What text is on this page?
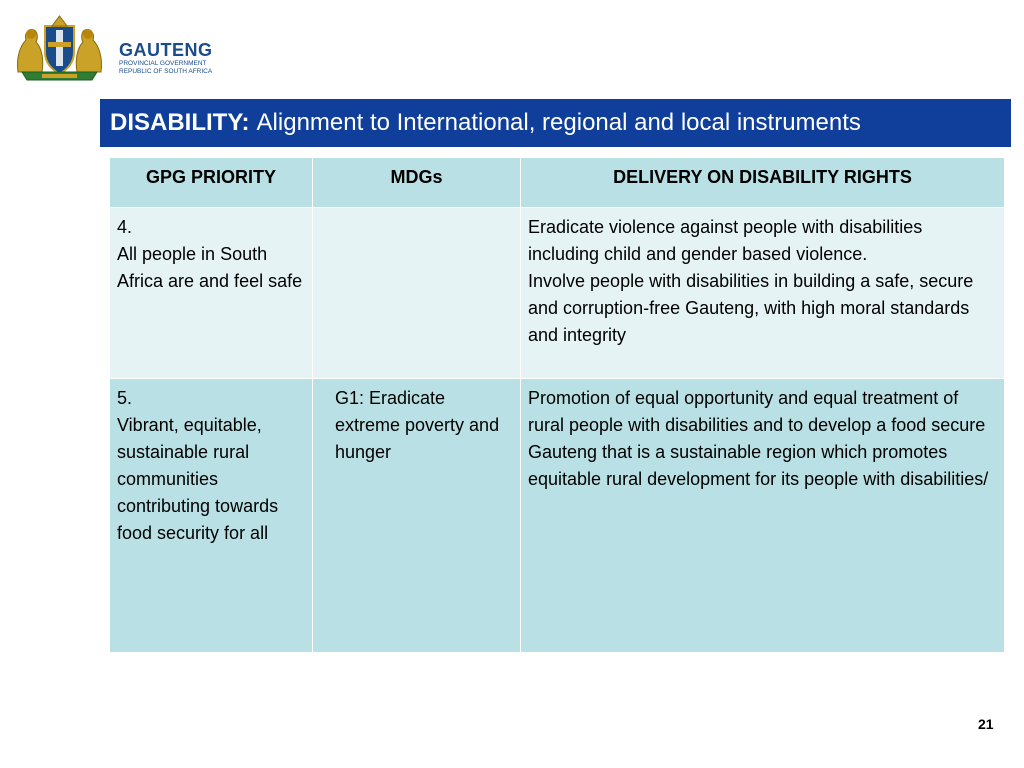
GAUTENG
PROVINCIAL GOVERNMENT
REPUBLIC OF SOUTH AFRICA
DISABILITY: Alignment to International, regional and local instruments
GPG PRIORITY	MDGs	DELIVERY ON DISABILITY RIGHTS

4.
All people in South Africa are and feel safe		Eradicate violence against people with disabilities including child and gender based violence.
Involve people with disabilities in building a safe, secure and corruption-free Gauteng, with high moral standards and integrity

5.
Vibrant, equitable, sustainable rural communities contributing towards food security for all	G1: Eradicate extreme poverty and hunger	Promotion of equal opportunity and equal treatment of rural people with disabilities and to develop a food secure Gauteng that is a sustainable region which promotes equitable rural development for its people with disabilities/
21
